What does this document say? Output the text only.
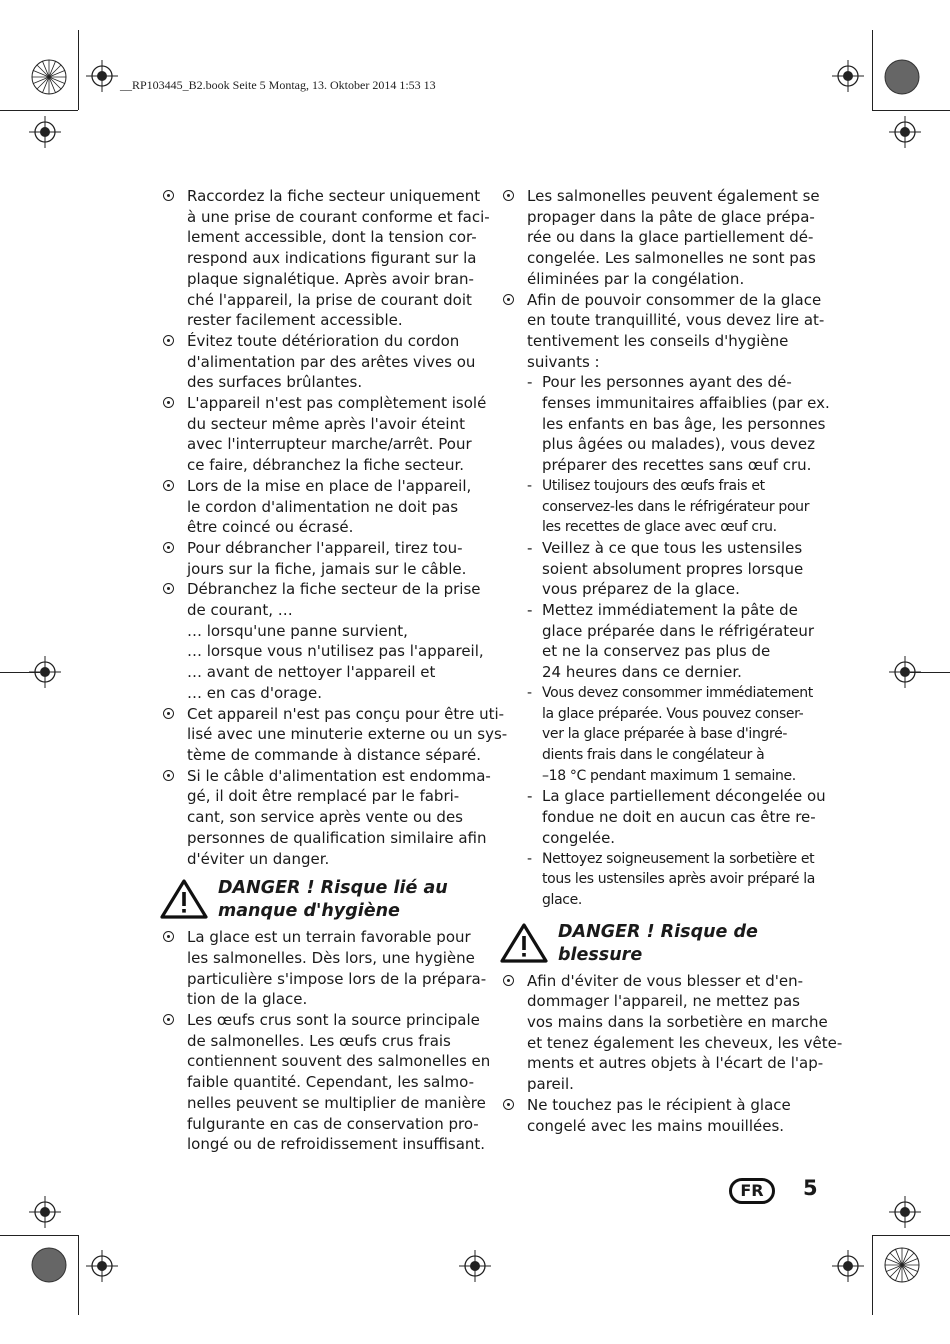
__RP103445_B2.book Seite 5 Montag, 13. Oktober 2014 1:53 13
Raccordez la fiche secteur uniquement
à une prise de courant conforme et faci-
lement accessible, dont la tension cor-
respond aux indications figurant sur la
plaque signalétique. Après avoir bran-
ché l'appareil, la prise de courant doit
rester facilement accessible.
Évitez toute détérioration du cordon
d'alimentation par des arêtes vives ou
des surfaces brûlantes.
L'appareil n'est pas complètement isolé
du secteur même après l'avoir éteint
avec l'interrupteur marche/arrêt. Pour
ce faire, débranchez la fiche secteur.
Lors de la mise en place de l'appareil,
le cordon d'alimentation ne doit pas
être coincé ou écrasé.
Pour débrancher l'appareil, tirez tou-
jours sur la fiche, jamais sur le câble.
Débranchez la fiche secteur de la prise
de courant, …
… lorsqu'une panne survient,
… lorsque vous n'utilisez pas l'appareil,
… avant de nettoyer l'appareil et
… en cas d'orage.
Cet appareil n'est pas conçu pour être uti-
lisé avec une minuterie externe ou un sys-
tème de commande à distance séparé.
Si le câble d'alimentation est endomma-
gé, il doit être remplacé par le fabri-
cant, son service après vente ou des
personnes de qualification similaire afin
d'éviter un danger.
DANGER ! Risque lié au
manque d'hygiène
La glace est un terrain favorable pour
les salmonelles. Dès lors, une hygiène
particulière s'impose lors de la prépara-
tion de la glace.
Les œufs crus sont la source principale
de salmonelles. Les œufs crus frais
contiennent souvent des salmonelles en
faible quantité. Cependant, les salmo-
nelles peuvent se multiplier de manière
fulgurante en cas de conservation pro-
longé ou de refroidissement insuffisant.
Les salmonelles peuvent également se
propager dans la pâte de glace prépa-
rée ou dans la glace partiellement dé-
congelée. Les salmonelles ne sont pas
éliminées par la congélation.
Afin de pouvoir consommer de la glace
en toute tranquillité, vous devez lire at-
tentivement les conseils d'hygiène
suivants :
- Pour les personnes ayant des dé-
fenses immunitaires affaiblies (par ex.
les enfants en bas âge, les personnes
plus âgées ou malades), vous devez
préparer des recettes sans œuf cru.
- Utilisez toujours des œufs frais et
conservez-les dans le réfrigérateur pour
les recettes de glace avec œuf cru.
- Veillez à ce que tous les ustensiles
soient absolument propres lorsque
vous préparez de la glace.
- Mettez immédiatement la pâte de
glace préparée dans le réfrigérateur
et ne la conservez pas plus de
24 heures dans ce dernier.
- Vous devez consommer immédiatement
la glace préparée. Vous pouvez conser-
ver la glace préparée à base d'ingré-
dients frais dans le congélateur à
–18 °C pendant maximum 1 semaine.
- La glace partiellement décongelée ou
fondue ne doit en aucun cas être re-
congelée.
- Nettoyez soigneusement la sorbetière et
tous les ustensiles après avoir préparé la
glace.
DANGER ! Risque de
blessure
Afin d'éviter de vous blesser et d'en-
dommager l'appareil, ne mettez pas
vos mains dans la sorbetière en marche
et tenez également les cheveux, les vête-
ments et autres objets à l'écart de l'ap-
pareil.
Ne touchez pas le récipient à glace
congelé avec les mains mouillées.
FR	5
